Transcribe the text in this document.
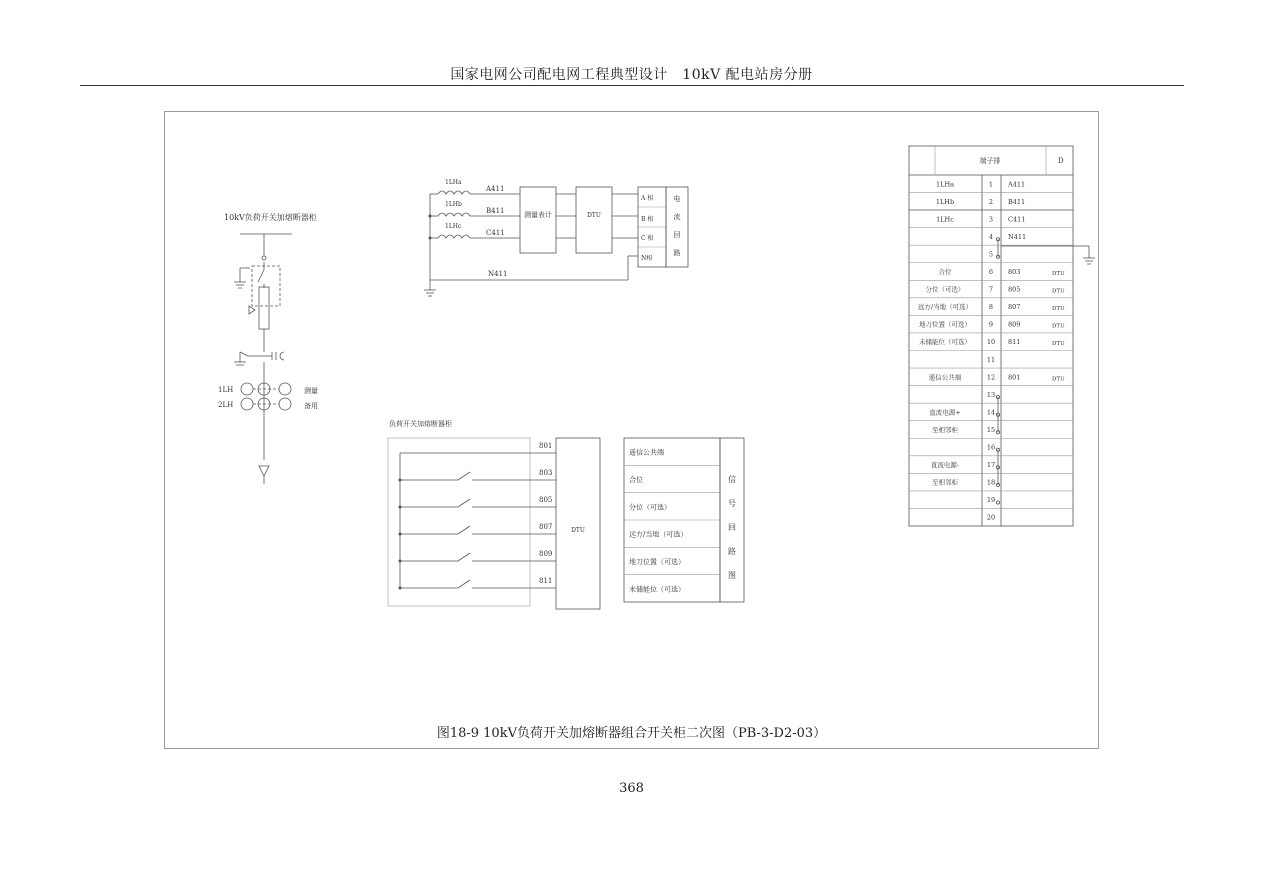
国家电网公司配电网工程典型设计　10kV 配电站房分册
10kV负荷开关加熔断器柜
1LH
2LH
测量
备用
1LHa
1LHb
1LHc
A411
B411
C411
N411
测量表计	DTU
A 相
B 相
C 相
N相
电
流
回
路
负荷开关加熔断器柜
DTU
801
803
805
807
809
811
遥信公共端
合位
分位（可选）
远方/当地（可选）
地刀位置（可选）
未储能位（可选）
信
号
回
路
图
端子排	D
1LHa	1 A411
1LHb	2 B411
1LHc	3 C411
4 N411
5
合位	6 803	DTU
分位（可选）	7 805	DTU
远方/当地（可选）	8 807	DTU
地刀位置（可选）	9 809	DTU
未储能位（可选） 10 811	DTU
11
遥信公共端	12 801	DTU
13
直流电源+	14
至相邻柜	15
16
直流电源-	17
至相邻柜	18
19
20
图18-9 10kV负荷开关加熔断器组合开关柜二次图（PB-3-D2-03）
368
